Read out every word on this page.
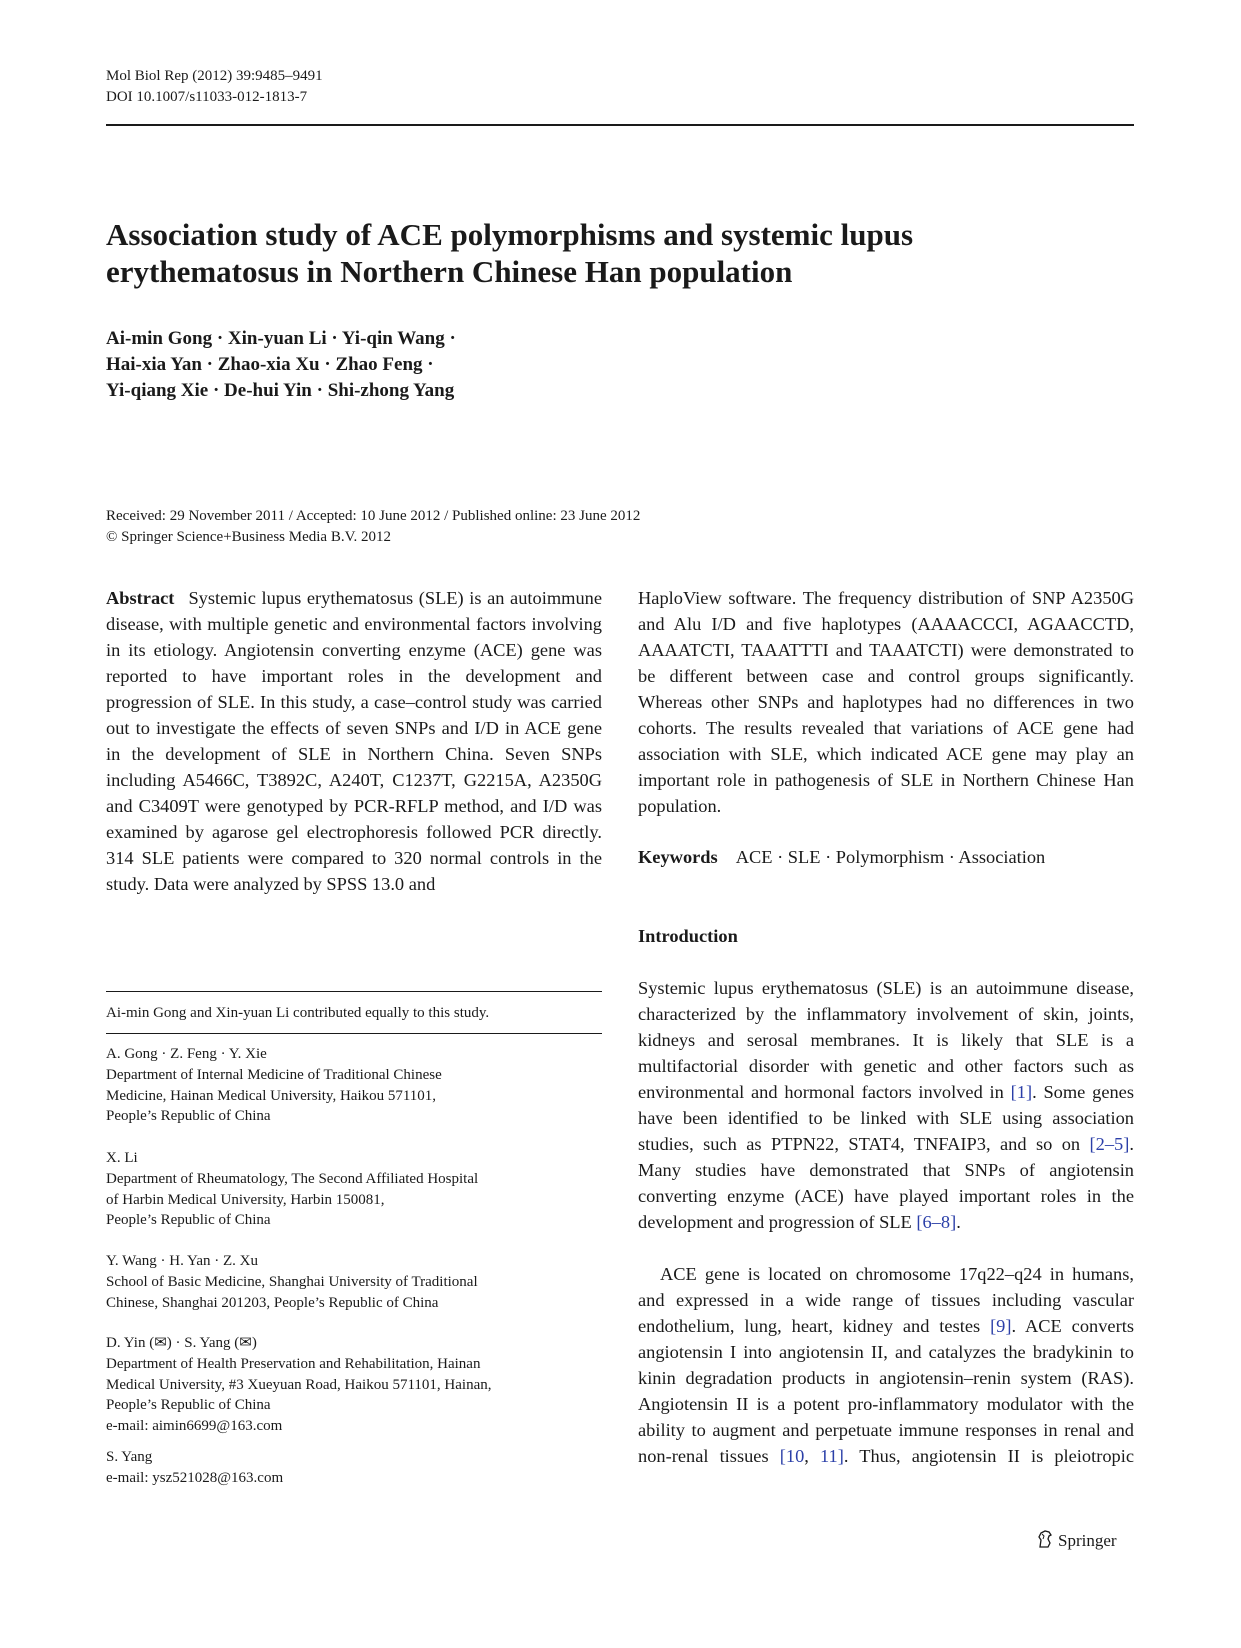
Mol Biol Rep (2012) 39:9485–9491
DOI 10.1007/s11033-012-1813-7
Association study of ACE polymorphisms and systemic lupus
erythematosus in Northern Chinese Han population
Ai-min Gong · Xin-yuan Li · Yi-qin Wang ·
Hai-xia Yan · Zhao-xia Xu · Zhao Feng ·
Yi-qiang Xie · De-hui Yin · Shi-zhong Yang
Received: 29 November 2011 / Accepted: 10 June 2012 / Published online: 23 June 2012
© Springer Science+Business Media B.V. 2012

Abstract Systemic lupus erythematosus (SLE) is an autoimmune disease, with multiple genetic and environmental factors involving in its etiology. Angiotensin converting enzyme (ACE) gene was reported to have important roles in the development and progression of SLE. In this study, a case–control study was carried out to investigate the effects of seven SNPs and I/D in ACE gene in the development of SLE in Northern China. Seven SNPs including A5466C, T3892C, A240T, C1237T, G2215A, A2350G and C3409T were genotyped by PCR-RFLP method, and I/D was examined by agarose gel electrophoresis followed PCR directly. 314 SLE patients were compared to 320 normal controls in the study. Data were analyzed by SPSS 13.0 and

Ai-min Gong and Xin-yuan Li contributed equally to this study.
A. Gong · Z. Feng · Y. Xie
Department of Internal Medicine of Traditional Chinese
Medicine, Hainan Medical University, Haikou 571101,
People’s Republic of China
X. Li
Department of Rheumatology, The Second Affiliated Hospital
of Harbin Medical University, Harbin 150081,
People’s Republic of China
Y. Wang · H. Yan · Z. Xu
School of Basic Medicine, Shanghai University of Traditional
Chinese, Shanghai 201203, People’s Republic of China
D. Yin (✉) · S. Yang (✉)
Department of Health Preservation and Rehabilitation, Hainan
Medical University, #3 Xueyuan Road, Haikou 571101, Hainan,
People’s Republic of China
e-mail: aimin6699@163.com
S. Yang
e-mail: ysz521028@163.com

HaploView software. The frequency distribution of SNP A2350G and Alu I/D and five haplotypes (AAAACCCI, AGAACCTD, AAAATCTI, TAAATTTI and TAAATCTI) were demonstrated to be different between case and control groups significantly. Whereas other SNPs and haplotypes had no differences in two cohorts. The results revealed that variations of ACE gene had association with SLE, which indicated ACE gene may play an important role in pathogenesis of SLE in Northern Chinese Han population.

Keywords ACE · SLE · Polymorphism · Association
Introduction

Systemic lupus erythematosus (SLE) is an autoimmune disease, characterized by the inflammatory involvement of skin, joints, kidneys and serosal membranes. It is likely that SLE is a multifactorial disorder with genetic and other factors such as environmental and hormonal factors involved in [1]. Some genes have been identified to be linked with SLE using association studies, such as PTPN22, STAT4, TNFAIP3, and so on [2–5]. Many studies have demonstrated that SNPs of angiotensin converting enzyme (ACE) have played important roles in the development and progression of SLE [6–8].

ACE gene is located on chromosome 17q22–q24 in humans, and expressed in a wide range of tissues including vascular endothelium, lung, heart, kidney and testes [9]. ACE converts angiotensin I into angiotensin II, and catalyzes the bradykinin to kinin degradation products in angiotensin–renin system (RAS). Angiotensin II is a potent pro-inflammatory modulator with the ability to augment and perpetuate immune responses in renal and non-renal tissues [10, 11]. Thus, angiotensin II is pleiotropic

Springer
